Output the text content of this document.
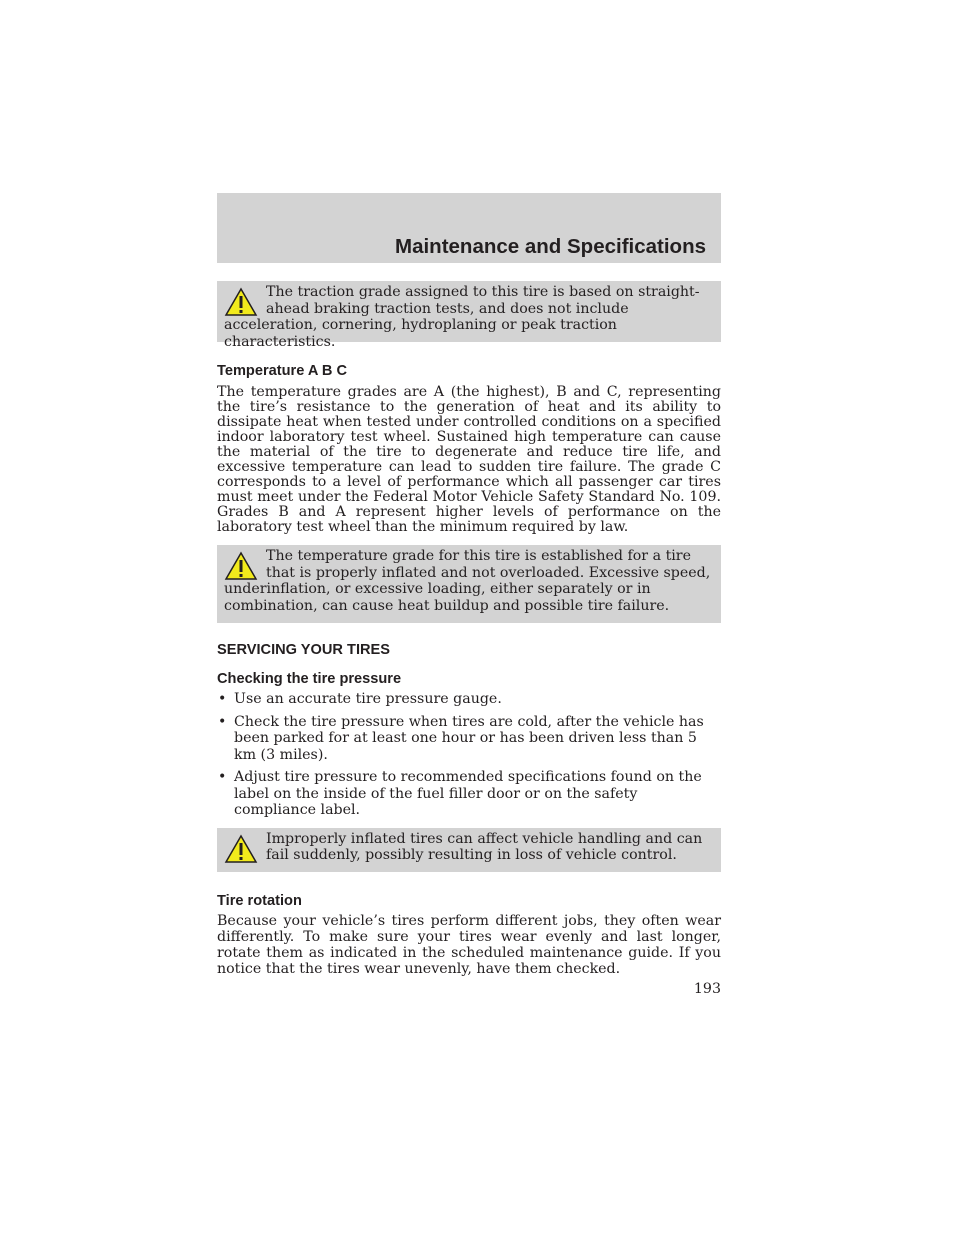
Maintenance and Specifications

The traction grade assigned to this tire is based on straight-ahead braking traction tests, and does not include acceleration, cornering, hydroplaning or peak traction characteristics.

Temperature A B C

The temperature grades are A (the highest), B and C, representing the tire’s resistance to the generation of heat and its ability to dissipate heat when tested under controlled conditions on a specified indoor laboratory test wheel. Sustained high temperature can cause the material of the tire to degenerate and reduce tire life, and excessive temperature can lead to sudden tire failure. The grade C corresponds to a level of performance which all passenger car tires must meet under the Federal Motor Vehicle Safety Standard No. 109. Grades B and A represent higher levels of performance on the laboratory test wheel than the minimum required by law.

The temperature grade for this tire is established for a tire that is properly inflated and not overloaded. Excessive speed, underinflation, or excessive loading, either separately or in combination, can cause heat buildup and possible tire failure.

SERVICING YOUR TIRES
Checking the tire pressure
• Use an accurate tire pressure gauge.
• Check the tire pressure when tires are cold, after the vehicle has been parked for at least one hour or has been driven less than 5 km (3 miles).
• Adjust tire pressure to recommended specifications found on the label on the inside of the fuel filler door or on the safety compliance label.

Improperly inflated tires can affect vehicle handling and can fail suddenly, possibly resulting in loss of vehicle control.

Tire rotation

Because your vehicle’s tires perform different jobs, they often wear differently. To make sure your tires wear evenly and last longer, rotate them as indicated in the scheduled maintenance guide. If you notice that the tires wear unevenly, have them checked.

193
